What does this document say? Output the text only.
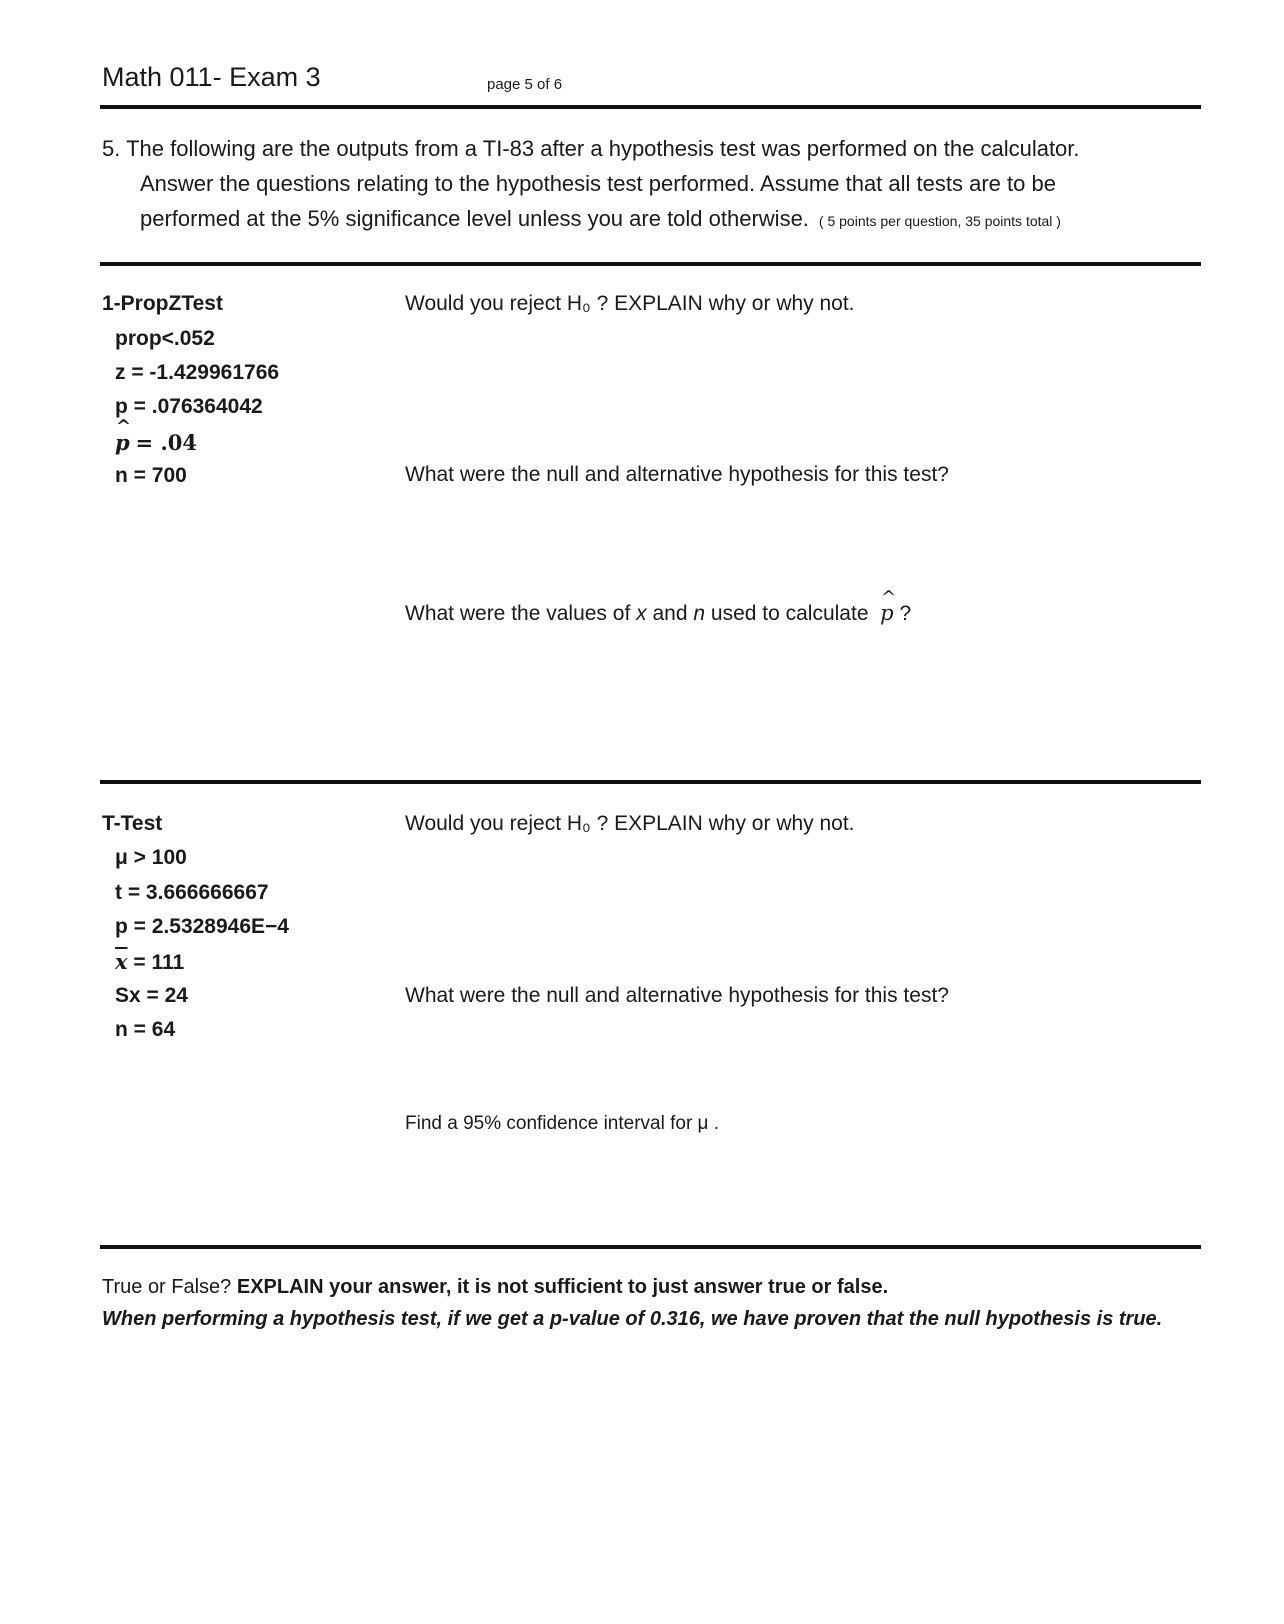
Math 011- Exam 3	page 5 of 6
5. The following are the outputs from a TI-83 after a hypothesis test was performed on the calculator.
Answer the questions relating to the hypothesis test performed. Assume that all tests are to be
performed at the 5% significance level unless you are told otherwise. ( 5 points per question, 35 points total )
1-PropZTest
prop<.052
z = -1.429961766
p = .076364042
^ p = .04
n = 700
Would you reject H₀ ? EXPLAIN why or why not.
What were the null and alternative hypothesis for this test?
What were the values of x and n used to calculate ^ p ?
T-Test
μ > 100
t = 3.666666667
p = 2.5328946E−4
$\overline{x} = 111$
Sx = 24
n = 64
Would you reject H₀ ? EXPLAIN why or why not.
What were the null and alternative hypothesis for this test?
Find a 95% confidence interval for μ .
True or False? EXPLAIN your answer, it is not sufficient to just answer true or false.
When performing a hypothesis test, if we get a p-value of 0.316, we have proven that the null hypothesis is true.
